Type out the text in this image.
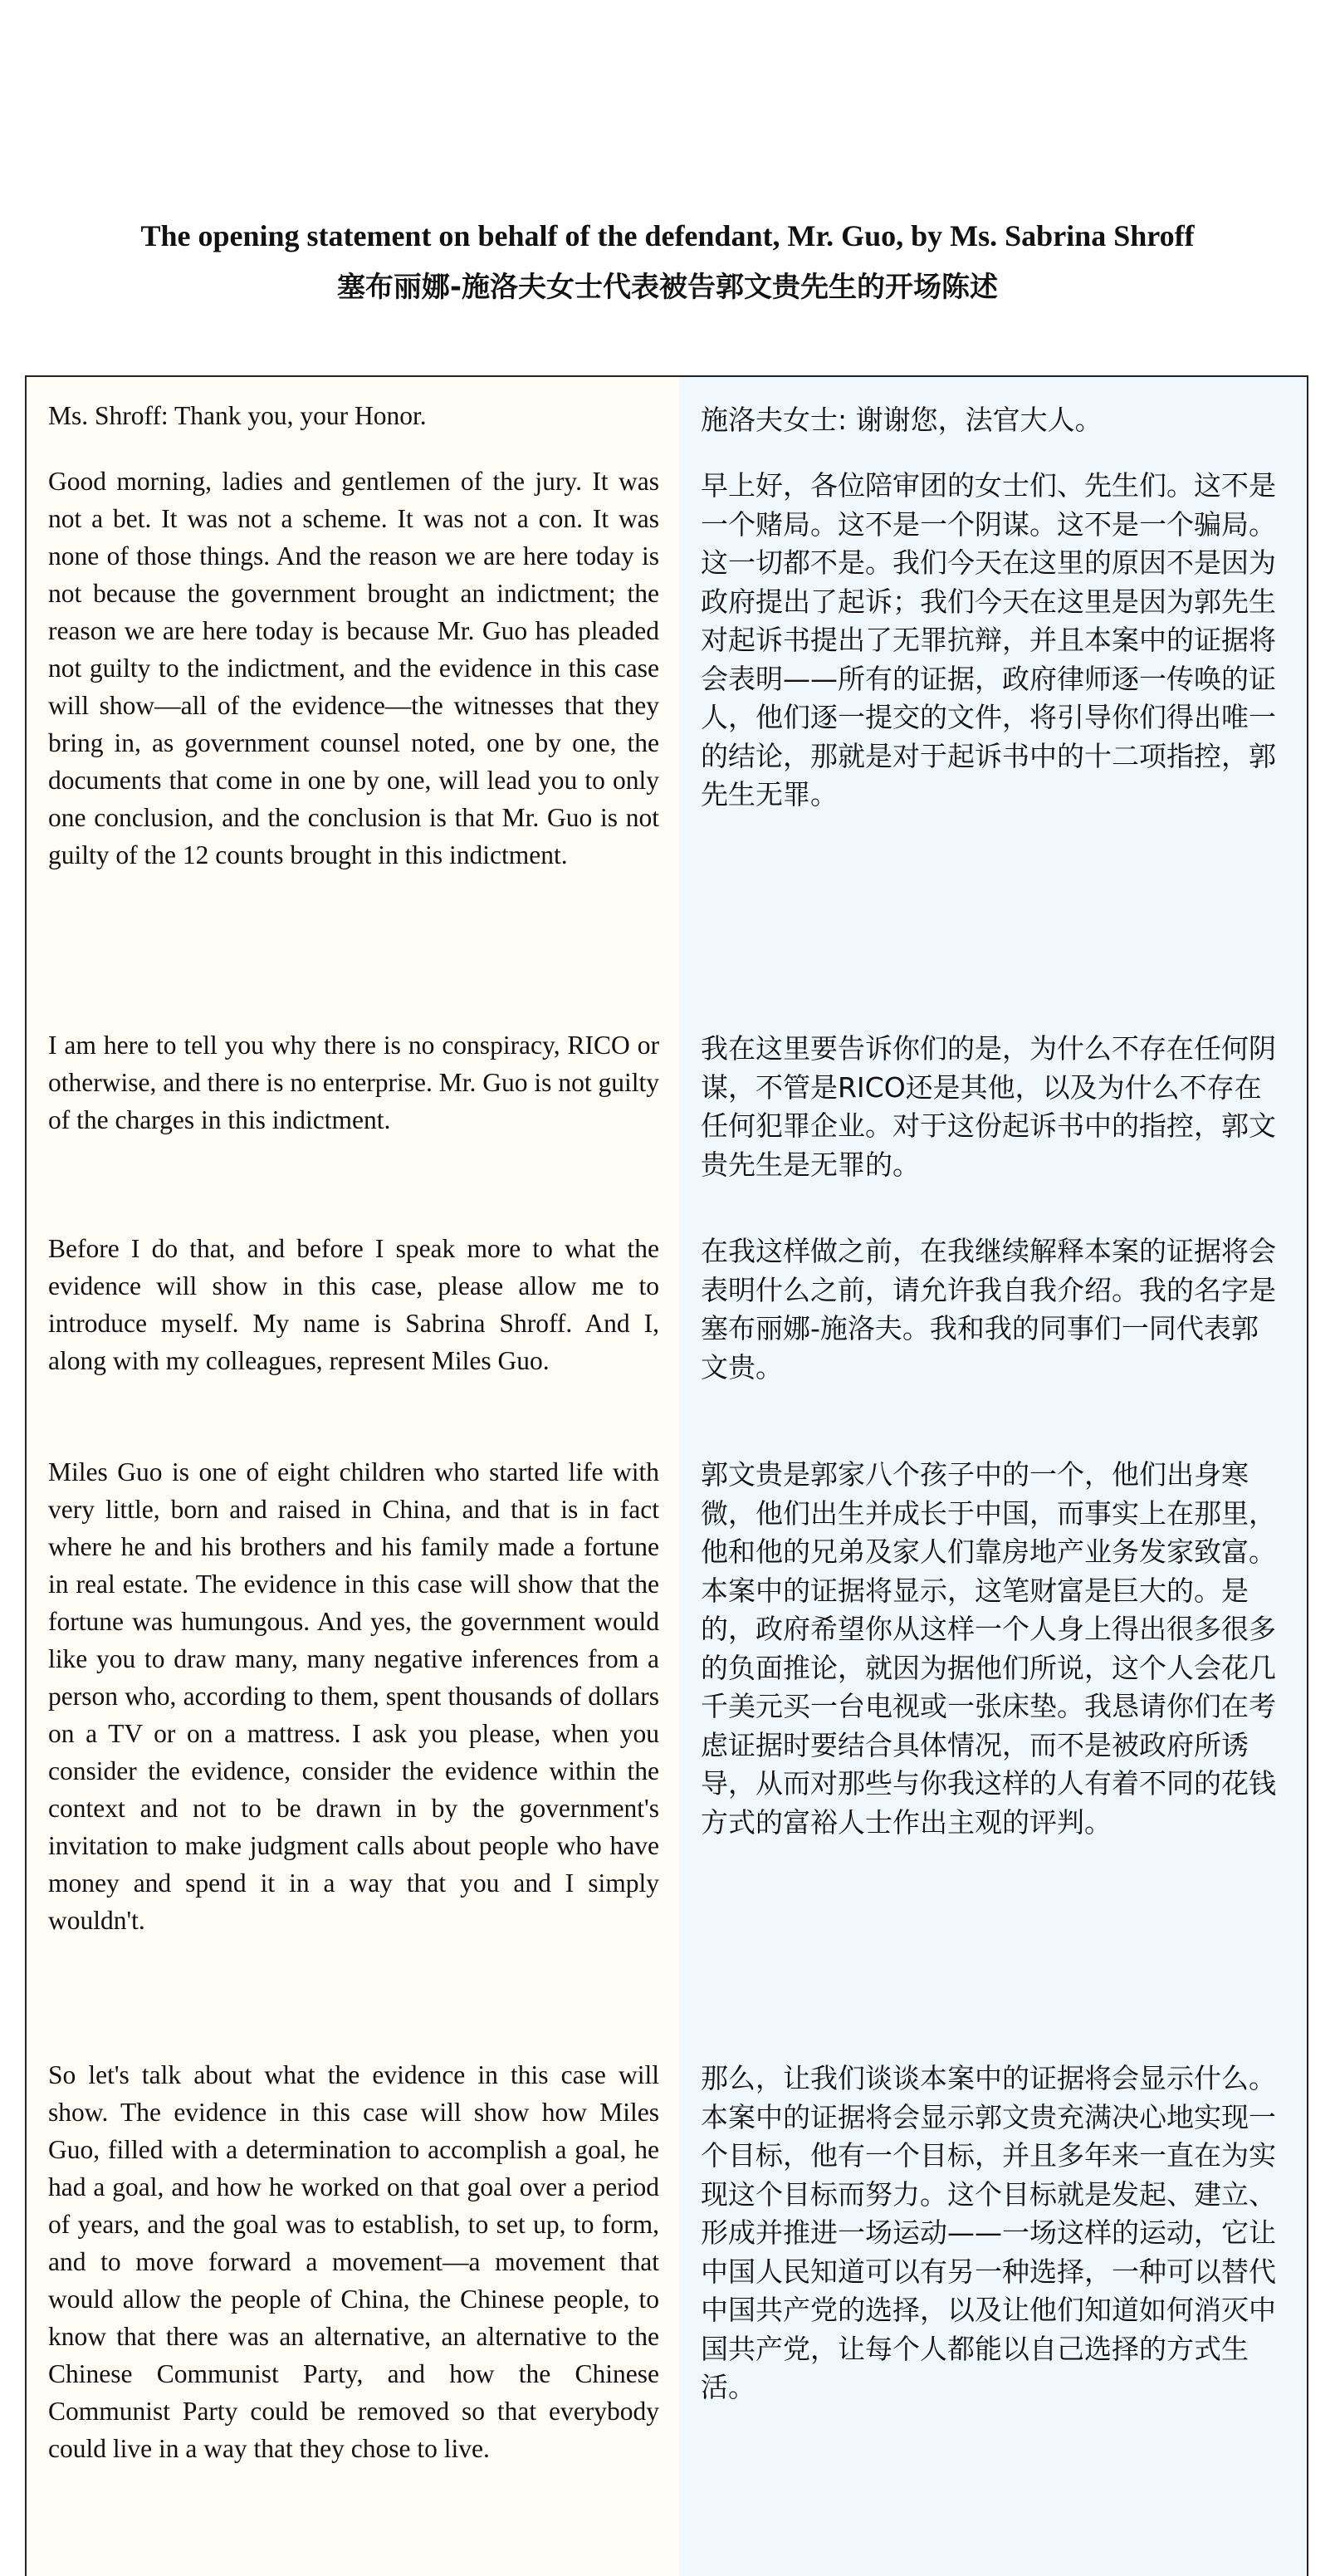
The opening statement on behalf of the defendant, Mr. Guo, by Ms. Sabrina Shroff

塞布丽娜-施洛夫女士代表被告郭文贵先生的开场陈述

Ms. Shroff: Thank you, your Honor.

Good morning, ladies and gentlemen of the jury. It was not a bet. It was not a scheme. It was not a con. It was none of those things. And the reason we are here today is not because the government brought an indictment; the reason we are here today is because Mr. Guo has pleaded not guilty to the indictment, and the evidence in this case will show—all of the evidence—the witnesses that they bring in, as government counsel noted, one by one, the documents that come in one by one, will lead you to only one conclusion, and the conclusion is that Mr. Guo is not guilty of the 12 counts brought in this indictment.

I am here to tell you why there is no conspiracy, RICO or otherwise, and there is no enterprise. Mr. Guo is not guilty of the charges in this indictment.

Before I do that, and before I speak more to what the evidence will show in this case, please allow me to introduce myself. My name is Sabrina Shroff. And I, along with my colleagues, represent Miles Guo.

Miles Guo is one of eight children who started life with very little, born and raised in China, and that is in fact where he and his brothers and his family made a fortune in real estate. The evidence in this case will show that the fortune was humungous. And yes, the government would like you to draw many, many negative inferences from a person who, according to them, spent thousands of dollars on a TV or on a mattress. I ask you please, when you consider the evidence, consider the evidence within the context and not to be drawn in by the government's invitation to make judgment calls about people who have money and spend it in a way that you and I simply wouldn't.

So let's talk about what the evidence in this case will show. The evidence in this case will show how Miles Guo, filled with a determination to accomplish a goal, he had a goal, and how he worked on that goal over a period of years, and the goal was to establish, to set up, to form, and to move forward a movement—a movement that would allow the people of China, the Chinese people, to know that there was an alternative, an alternative to the Chinese Communist Party, and how the Chinese Communist Party could be removed so that everybody could live in a way that they chose to live.

施洛夫女士: 谢谢您，法官大人。

早上好，各位陪审团的女士们、先生们。这不是一个赌局。这不是一个阴谋。这不是一个骗局。这一切都不是。我们今天在这里的原因不是因为政府提出了起诉；我们今天在这里是因为郭先生对起诉书提出了无罪抗辩，并且本案中的证据将会表明——所有的证据，政府律师逐一传唤的证人，他们逐一提交的文件，将引导你们得出唯一的结论，那就是对于起诉书中的十二项指控，郭先生无罪。

我在这里要告诉你们的是，为什么不存在任何阴谋，不管是RICO还是其他，以及为什么不存在任何犯罪企业。对于这份起诉书中的指控，郭文贵先生是无罪的。

在我这样做之前，在我继续解释本案的证据将会表明什么之前，请允许我自我介绍。我的名字是塞布丽娜-施洛夫。我和我的同事们一同代表郭文贵。

郭文贵是郭家八个孩子中的一个，他们出身寒微，他们出生并成长于中国，而事实上在那里，他和他的兄弟及家人们靠房地产业务发家致富。本案中的证据将显示，这笔财富是巨大的。是的，政府希望你从这样一个人身上得出很多很多的负面推论，就因为据他们所说，这个人会花几千美元买一台电视或一张床垫。我恳请你们在考虑证据时要结合具体情况，而不是被政府所诱导，从而对那些与你我这样的人有着不同的花钱方式的富裕人士作出主观的评判。

那么，让我们谈谈本案中的证据将会显示什么。本案中的证据将会显示郭文贵充满决心地实现一个目标，他有一个目标，并且多年来一直在为实现这个目标而努力。这个目标就是发起、建立、形成并推进一场运动——一场这样的运动，它让中国人民知道可以有另一种选择，一种可以替代中国共产党的选择，以及让他们知道如何消灭中国共产党，让每个人都能以自己选择的方式生活。
